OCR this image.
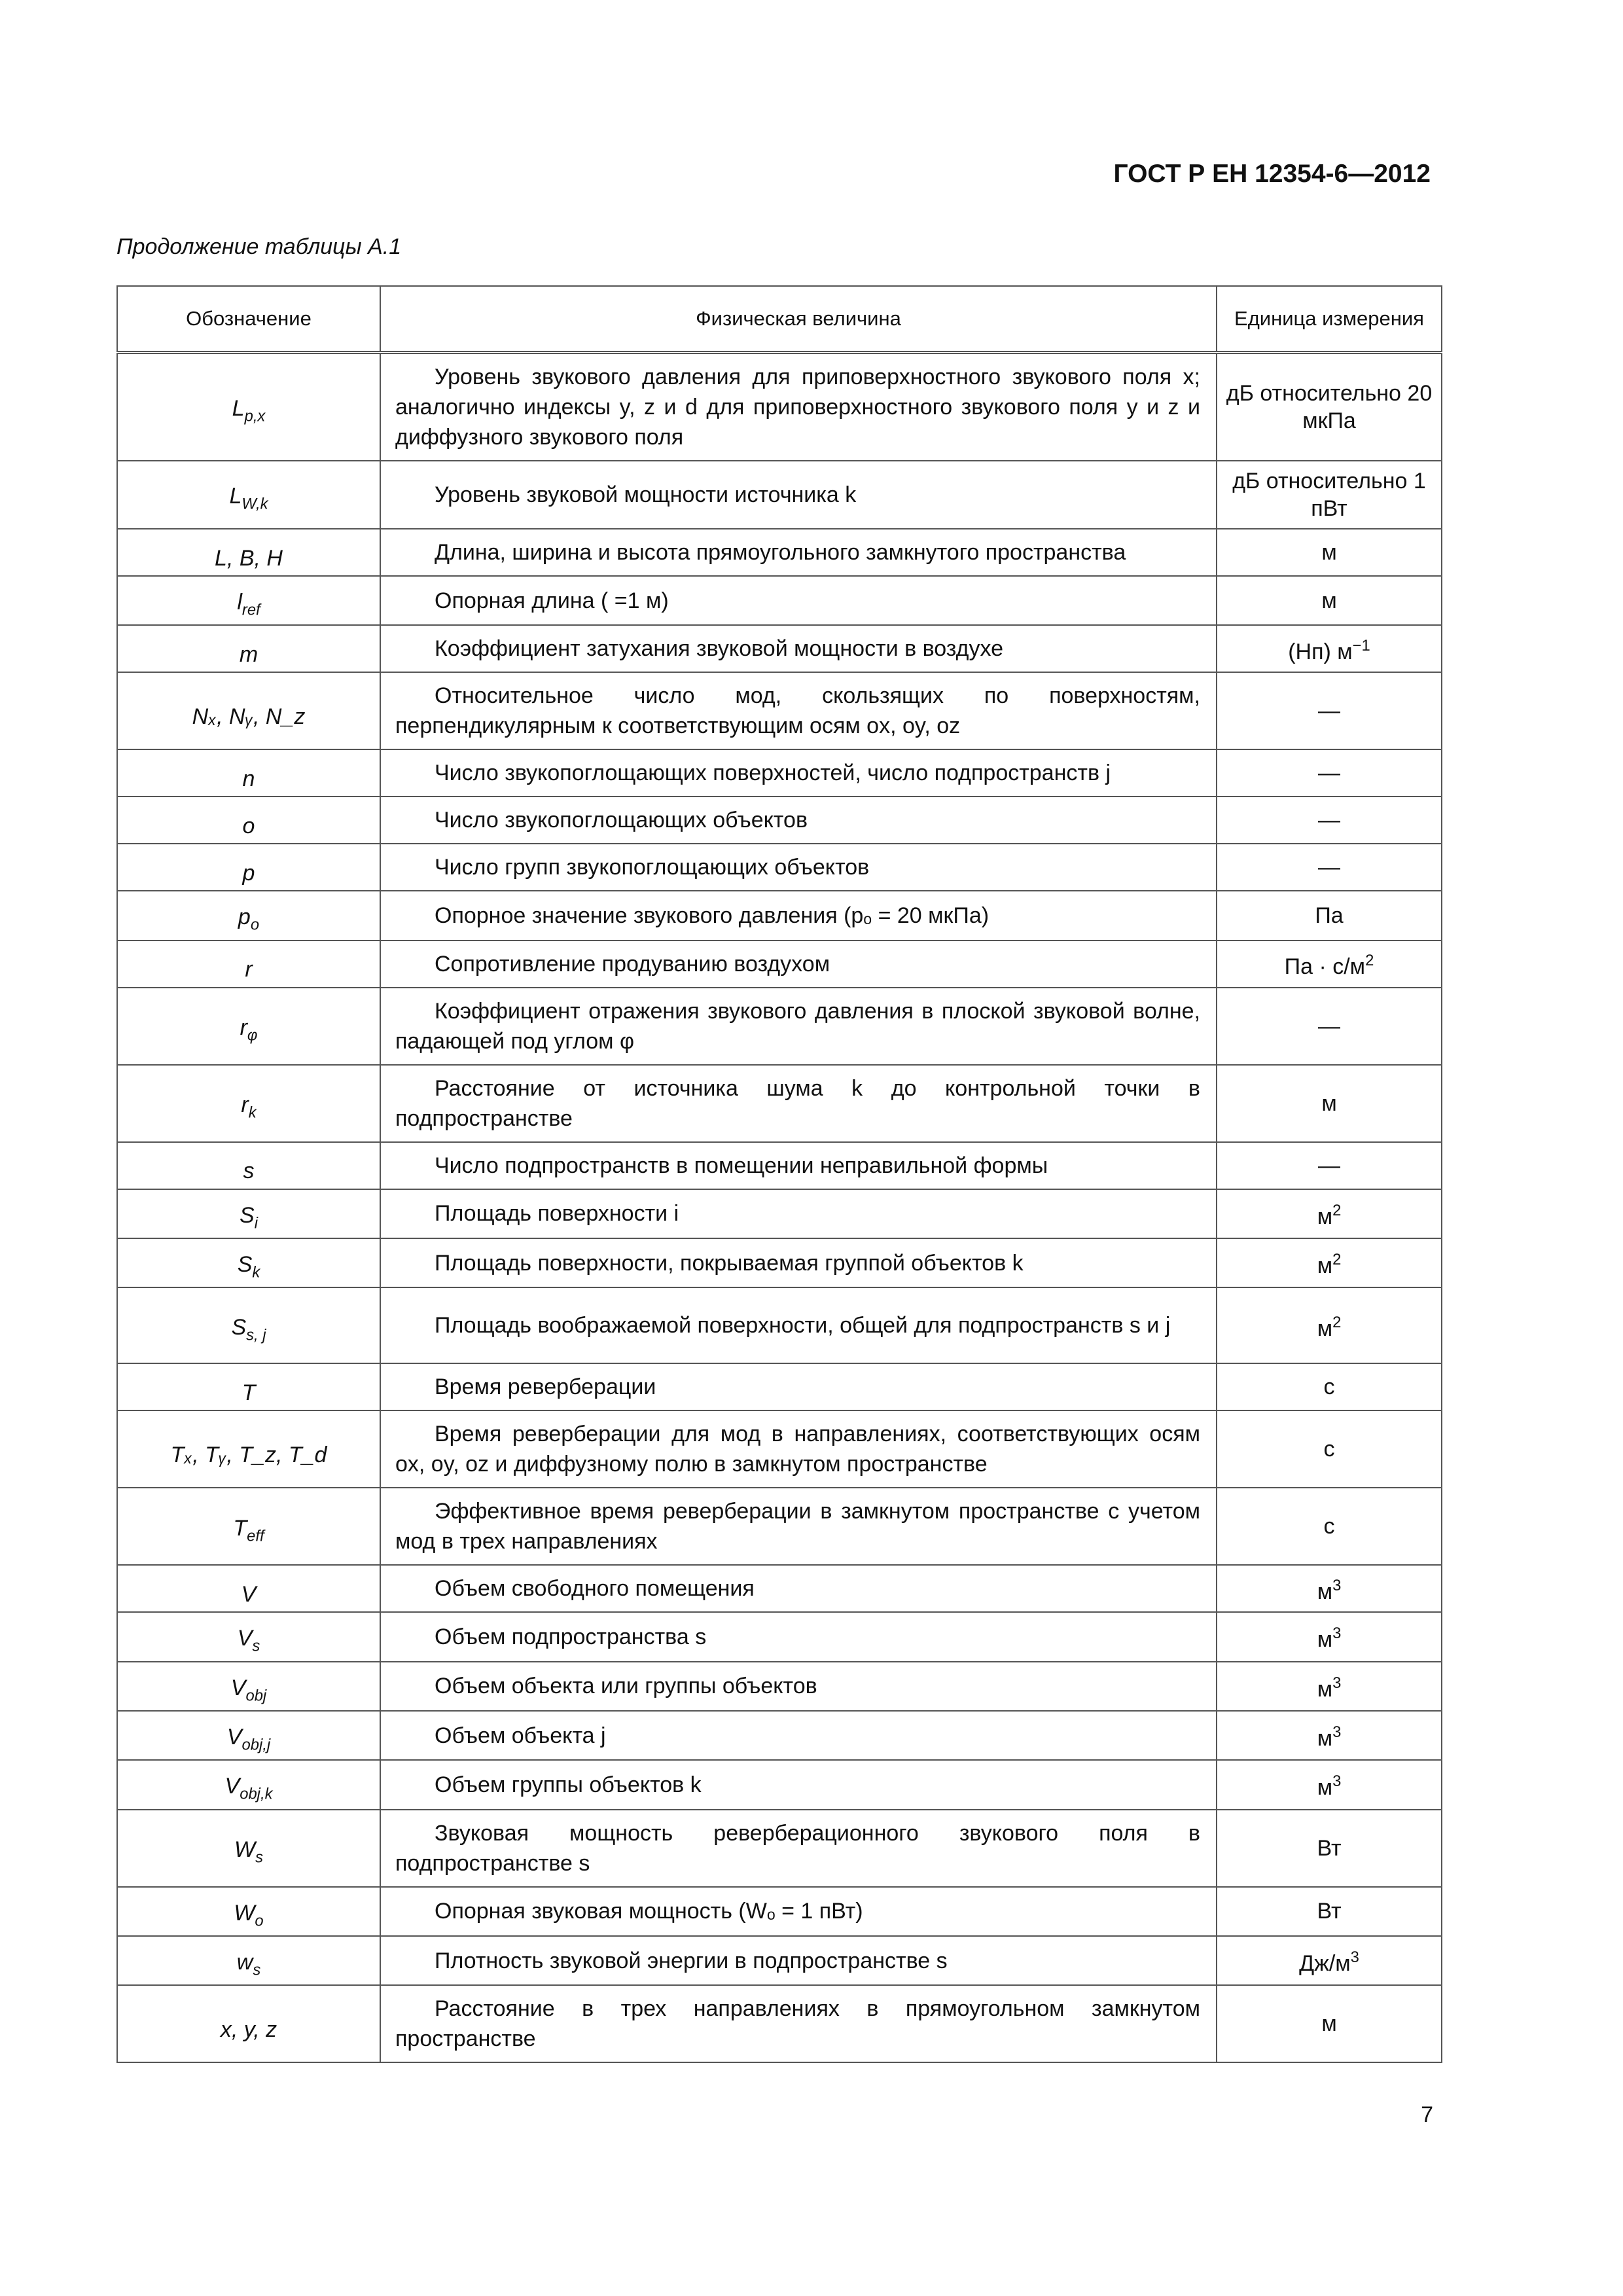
ГОСТ Р ЕН 12354-6—2012
Продолжение таблицы А.1
Обозначение	Физическая величина	Единица измерения
$L_{p,x}$	Уровень звукового давления для приповерхностного звукового поля x; аналогично индексы y, z и d для приповерхностного звукового поля y и z и диффузного звукового поля	дБ относительно 20 мкПа
$L_{W,k}$	Уровень звуковой мощности источника k	дБ относительно 1 пВт
L, B, H	Длина, ширина и высота прямоугольного замкнутого пространства	м
$l_{ref}$	Опорная длина ( =1 м)	м
m	Коэффициент затухания звуковой мощности в воздухе	(Нп) $м^{-1}$
Nₓ, Nᵧ, N_z	Относительное число мод, скользящих по поверхностям, перпендикулярным к соответствующим осям ox, oy, oz	—
n	Число звукопоглощающих поверхностей, число подпространств j	—
o	Число звукопоглощающих объектов	—
p	Число групп звукопоглощающих объектов	—
$p_o$	Опорное значение звукового давления (pₒ = 20 мкПа)	Па
r	Сопротивление продуванию воздухом	Па · $с/м^2$
$r_\varphi$	Коэффициент отражения звукового давления в плоской звуковой волне, падающей под углом φ	—
$r_k$	Расстояние от источника шума k до контрольной точки в подпространстве	м
s	Число подпространств в помещении неправильной формы	—
$S_i$	Площадь поверхности i	$м^2$
$S_k$	Площадь поверхности, покрываемая группой объектов k	$м^2$
$S_{s, j}$	Площадь воображаемой поверхности, общей для подпространств s и j	$м^2$
T	Время реверберации	с
Tₓ, Tᵧ, T_z, T_d	Время реверберации для мод в направлениях, соответствующих осям ox, oy, oz и диффузному полю в замкнутом пространстве	с
$T_{eff}$	Эффективное время реверберации в замкнутом пространстве с учетом мод в трех направлениях	с
V	Объем свободного помещения	$м^3$
$V_s$	Объем подпространства s	$м^3$
$V_{obj}$	Объем объекта или группы объектов	$м^3$
$V_{obj,j}$	Объем объекта j	$м^3$
$V_{obj,k}$	Объем группы объектов k	$м^3$
$W_s$	Звуковая мощность реверберационного звукового поля в подпространстве s	Вт
$W_o$	Опорная звуковая мощность (Wₒ = 1 пВт)	Вт
$w_s$	Плотность звуковой энергии в подпространстве s	$Дж/м^3$
x, y, z	Расстояние в трех направлениях в прямоугольном замкнутом пространстве	м
7
